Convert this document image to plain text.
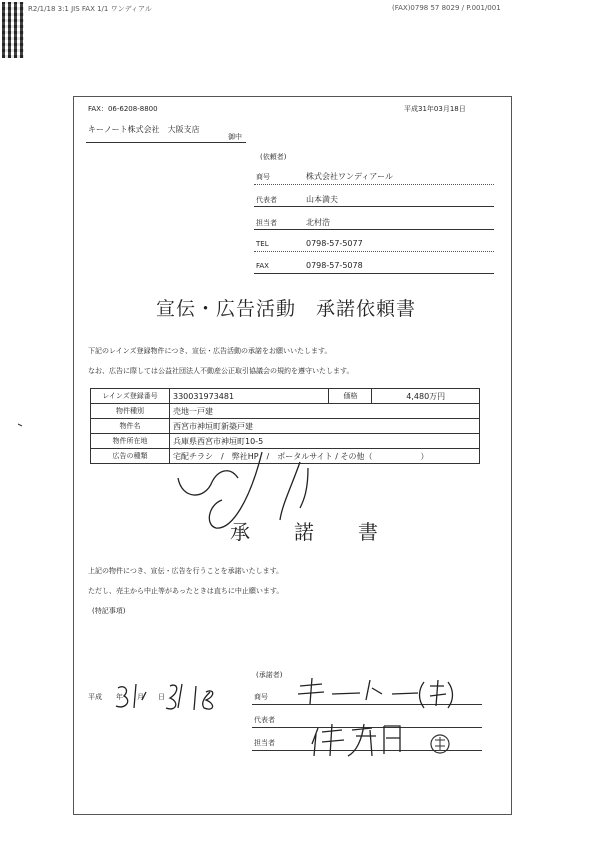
R2/1/18 3:1 JIS FAX 1/1 ワンディアル	(FAX)0798 57 8029 / P.001/001
FAX：06-6208-8800	平成31年03月18日
キーノート株式会社　大阪支店
御中
(依頼者)
商号	株式会社ワンディアール
代表者	山本満夫
担当者	北村浩
TEL	0798-57-5077
FAX	0798-57-5078
宣伝・広告活動　承諾依頼書
下記のレインズ登録物件につき、宣伝・広告活動の承諾をお願いいたします。
なお、広告に際しては公益社団法人不動産公正取引協議会の規約を遵守いたします。
レインズ登録番号	330031973481	価格	4,480万円
物件種別	売地一戸建		
物件名	西宮市神垣町新築戸建		
物件所在地	兵庫県西宮市神垣町10-5		
広告の種類	宅配チラシ　/　弊社HP　/　ポータルサイト / その他（　　　　　　）		
承諾書
上記の物件につき、宣伝・広告を行うことを承諾いたします。
ただし、売主から中止等があったときは直ちに中止願います。
(特記事項)
平成　　年　　月　　日
(承諾者)
商号
代表者
担当者
